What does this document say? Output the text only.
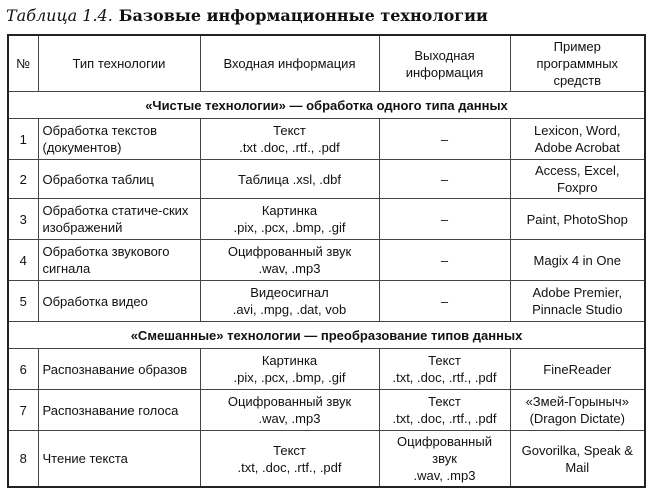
Таблица 1.4. Базовые информационные технологии
№	Тип технологии	Входная информация	Выходная информация	Пример программных средств
«Чистые технологии» — обработка одного типа данных				
1	Обработка текстов (документов)	Текст
.txt .doc, .rtf., .pdf	–	Lexicon, Word,
Adobe Acrobat

2	Обработка таблиц	Таблица .xsl, .dbf	–	Access, Excel, Foxpro

3	Обработка статиче-ских изображений	Картинка
.pix, .pcx, .bmp, .gif	–	Paint, PhotoShop

4	Обработка звукового сигнала	Оцифрованный звук
.wav, .mp3	–	Magix 4 in One

5	Обработка видео	Видеосигнал
.avi, .mpg, .dat, vob	–	Adobe Premier,
Pinnacle Studio

«Смешанные» технологии — преобразование типов данных				
6	Распознавание образов	Картинка
.pix, .pcx, .bmp, .gif	Текст
.txt, .doc, .rtf., .pdf	FineReader

7	Распознавание голоса	Оцифрованный звук
.wav, .mp3	Текст
.txt, .doc, .rtf., .pdf	«Змей-Горыныч»
(Dragon Dictate)

8	Чтение текста	Текст
.txt, .doc, .rtf., .pdf	Оцифрованный звук
.wav, .mp3	Govorilka, Speak & Mail
